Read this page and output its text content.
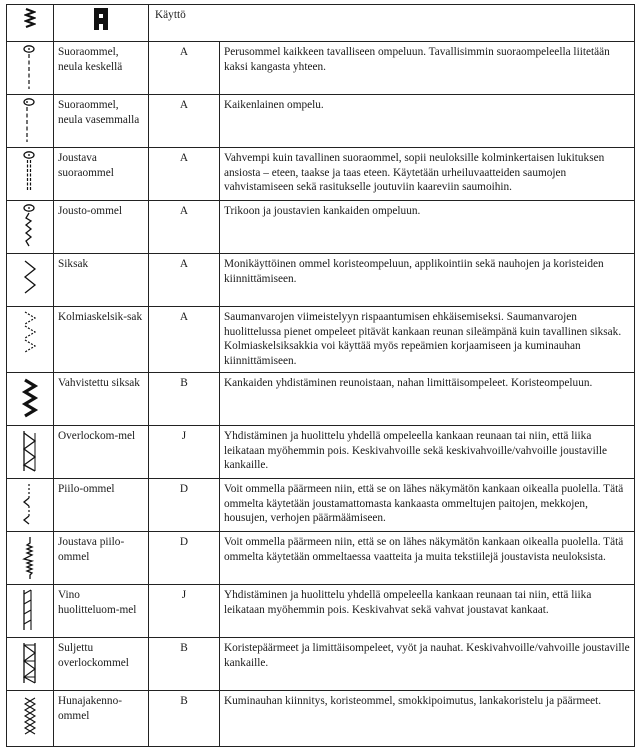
	Käyttö	

	Suoraommel, neula keskellä	A	Perusommel kaikkeen tavalliseen ompeluun. Tavallisimmin suoraompeleella liitetään kaksi kangasta yhteen.

	Suoraommel, neula vasemmalla	A	Kaikenlainen ompelu.

	Joustava suoraommel	A	Vahvempi kuin tavallinen suoraommel, sopii neuloksille kolminkertaisen lukituksen ansiosta – eteen, taakse ja taas eteen. Käytetään urheiluvaatteiden saumojen vahvistamiseen sekä rasitukselle joutuviin kaareviin saumoihin.

	Jousto-ommel	A	Trikoon ja joustavien kankaiden ompeluun.

	Siksak	A	Monikäyttöinen ommel koristeompeluun, applikointiin sekä nauhojen ja koristeiden kiinnittämiseen.

	Kolmiaskelsik-sak	A	Saumanvarojen viimeistelyyn rispaantumisen ehkäisemiseksi. Saumanvarojen huolittelussa pienet ompeleet pitävät kankaan reunan sileämpänä kuin tavallinen siksak. Kolmiaskelsiksakkia voi käyttää myös repeämien korjaamiseen ja kuminauhan kiinnittämiseen.

	Vahvistettu siksak	B	Kankaiden yhdistäminen reunoistaan, nahan limittäisompeleet. Koristeompeluun.

	Overlockom-mel	J	Yhdistäminen ja huolittelu yhdellä ompeleella kankaan reunaan tai niin, että liika leikataan myöhemmin pois. Keskivahvoille sekä keskivahvoille/vahvoille joustaville kankaille.

	Piilo-ommel	D	Voit ommella päärmeen niin, että se on lähes näkymätön kankaan oikealla puolella. Tätä ommelta käytetään joustamattomasta kankaasta ommeltujen paitojen, mekkojen, housujen, verhojen päärmäämiseen.

	Joustava piilo-ommel	D	Voit ommella päärmeen niin, että se on lähes näkymätön kankaan oikealla puolella. Tätä ommelta käytetään ommeltaessa vaatteita ja muita tekstiilejä joustavista neuloksista.

	Vino huolitteluom-mel	J	Yhdistäminen ja huolittelu yhdellä ompeleella kankaan reunaan tai niin, että liika leikataan myöhemmin pois. Keskivahvat sekä vahvat joustavat kankaat.

	Suljettu overlockommel	B	Koristepäärmeet ja limittäisompeleet, vyöt ja nauhat. Keskivahvoille/vahvoille joustaville kankaille.

	Hunajakenno-ommel	B	Kuminauhan kiinnitys, koristeommel, smokkipoimutus, lankakoristelu ja päärmeet.
